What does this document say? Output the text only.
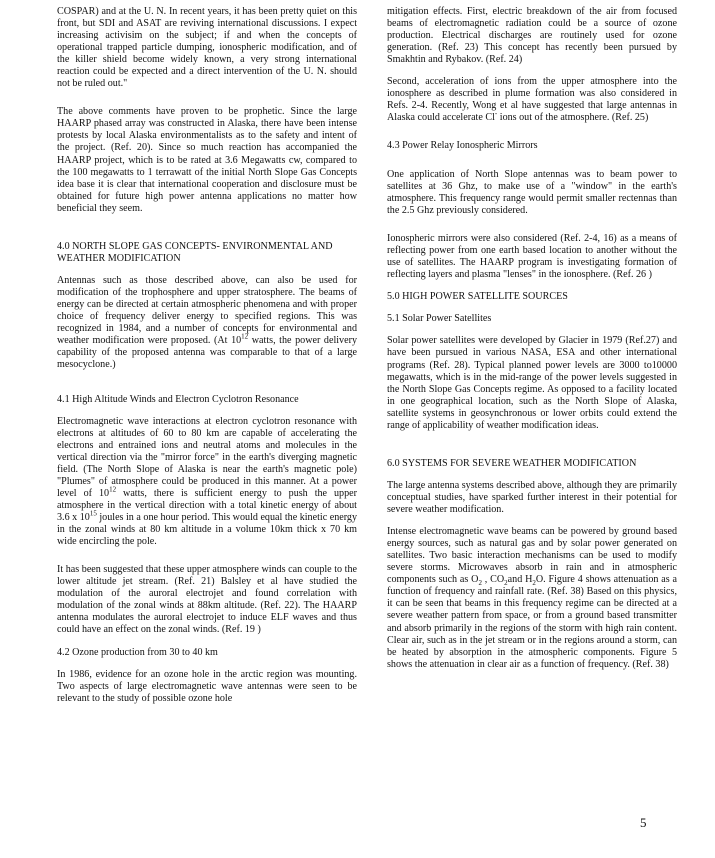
COSPAR) and at the U. N. In recent years, it has been pretty quiet on this front, but SDI and ASAT are reviving international discussions. I expect increasing activisim on the subject; if and when the concepts of operational trapped particle dumping, ionospheric modification, and of the killer shield become widely known, a very strong international reaction could be expected and a direct intervention of the U. N. should not be ruled out."

The above comments have proven to be prophetic. Since the large HAARP phased array was constructed in Alaska, there have been intense protests by local Alaska environmentalists as to the safety and intent of the project. (Ref. 20). Since so much reaction has accompanied the HAARP project, which is to be rated at 3.6 Megawatts cw, compared to the 100 megawatts to 1 terrawatt of the initial North Slope Gas Concepts idea base it is clear that international cooperation and disclosure must be obtained for future high power antenna applications no matter how beneficial they seem.

4.0 NORTH SLOPE GAS CONCEPTS- ENVIRONMENTAL AND WEATHER MODIFICATION

Antennas such as those described above, can also be used for modification of the trophosphere and upper stratosphere. The beams of energy can be directed at certain atmospheric phenomena and with proper choice of frequency deliver energy to specified regions. This was recognized in 1984, and a number of concepts for environmental and weather modification were proposed. (At $10^{12}$ watts, the power delivery capability of the proposed antenna was comparable to that of a large mesocyclone.)

4.1 High Altitude Winds and Electron Cyclotron Resonance

Electromagnetic wave interactions at electron cyclotron resonance with electrons at altitudes of 60 to 80 km are capable of accelerating the electrons and entrained ions and neutral atoms and molecules in the vertical direction via the "mirror force" in the earth's diverging magnetic field. (The North Slope of Alaska is near the earth's magnetic pole) "Plumes" of atmosphere could be produced in this manner. At a power level of $10^{12}$ watts, there is sufficient energy to push the upper atmosphere in the vertical direction with a total kinetic energy of about 3.6 x $10^{15}$ joules in a one hour period. This would equal the kinetic energy in the zonal winds at 80 km altitude in a volume 10km thick x 70 km wide encircling the pole.

It has been suggested that these upper atmosphere winds can couple to the lower altitude jet stream. (Ref. 21) Balsley et al have studied the modulation of the auroral electrojet and found correlation with modulation of the zonal winds at 88km altitude. (Ref. 22). The HAARP antenna modulates the auroral electrojet to induce ELF waves and thus could have an effect on the zonal winds. (Ref. 19 )

4.2 Ozone production from 30 to 40 km

In 1986, evidence for an ozone hole in the arctic region was mounting. Two aspects of large electromagnetic wave antennas were seen to be relevant to the study of possible ozone hole

mitigation effects. First, electric breakdown of the air from focused beams of electromagnetic radiation could be a source of ozone production. Electrical discharges are routinely used for ozone generation. (Ref. 23) This concept has recently been pursued by Smakhtin and Rybakov. (Ref. 24)

Second, acceleration of ions from the upper atmosphere into the ionosphere as described in plume formation was also considered in Refs. 2-4. Recently, Wong et al have suggested that large antennas in Alaska could accelerate Cl- ions out of the atmosphere. (Ref. 25)

4.3 Power Relay Ionospheric Mirrors

One application of North Slope antennas was to beam power to satellites at 36 Ghz, to make use of a "window" in the earth's atmosphere. This frequency range would permit smaller rectennas than the 2.5 Ghz previously considered.

Ionospheric mirrors were also considered (Ref. 2-4, 16) as a means of reflecting power from one earth based location to another without the use of satellites. The HAARP program is investigating formation of reflecting layers and plasma "lenses" in the ionosphere. (Ref. 26 )

5.0 HIGH POWER SATELLITE SOURCES
5.1 Solar Power Satellites

Solar power satellites were developed by Glacier in 1979 (Ref.27) and have been pursued in various NASA, ESA and other international programs (Ref. 28). Typical planned power levels are 3000 to10000 megawatts, which is in the mid-range of the power levels suggested in the North Slope Gas Concepts regime. As opposed to a facility located in one geographical location, such as the North Slope of Alaska, satellite systems in geosynchronous or lower orbits could extend the range of applicability of weather modification ideas.

6.0 SYSTEMS FOR SEVERE WEATHER MODIFICATION

The large antenna systems described above, although they are primarily conceptual studies, have sparked further interest in their potential for severe weather modification.

Intense electromagnetic wave beams can be powered by ground based energy sources, such as natural gas and by solar power generated on satellites. Two basic interaction mechanisms can be used to modify severe storms. Microwaves absorb in rain and in atmospheric components such as $O_2$ , $CO_2and$ $H_2O$. Figure 4 shows attenuation as a function of frequency and rainfall rate. (Ref. 38) Based on this physics, it can be seen that beams in this frequency regime can be directed at a severe weather pattern from space, or from a ground based transmitter and absorb primarily in the regions of the storm with high rain content. Clear air, such as in the jet stream or in the regions around a storm, can be heated by absorption in the atmospheric components. Figure 5 shows the attenuation in clear air as a function of frequency. (Ref. 38)

5
